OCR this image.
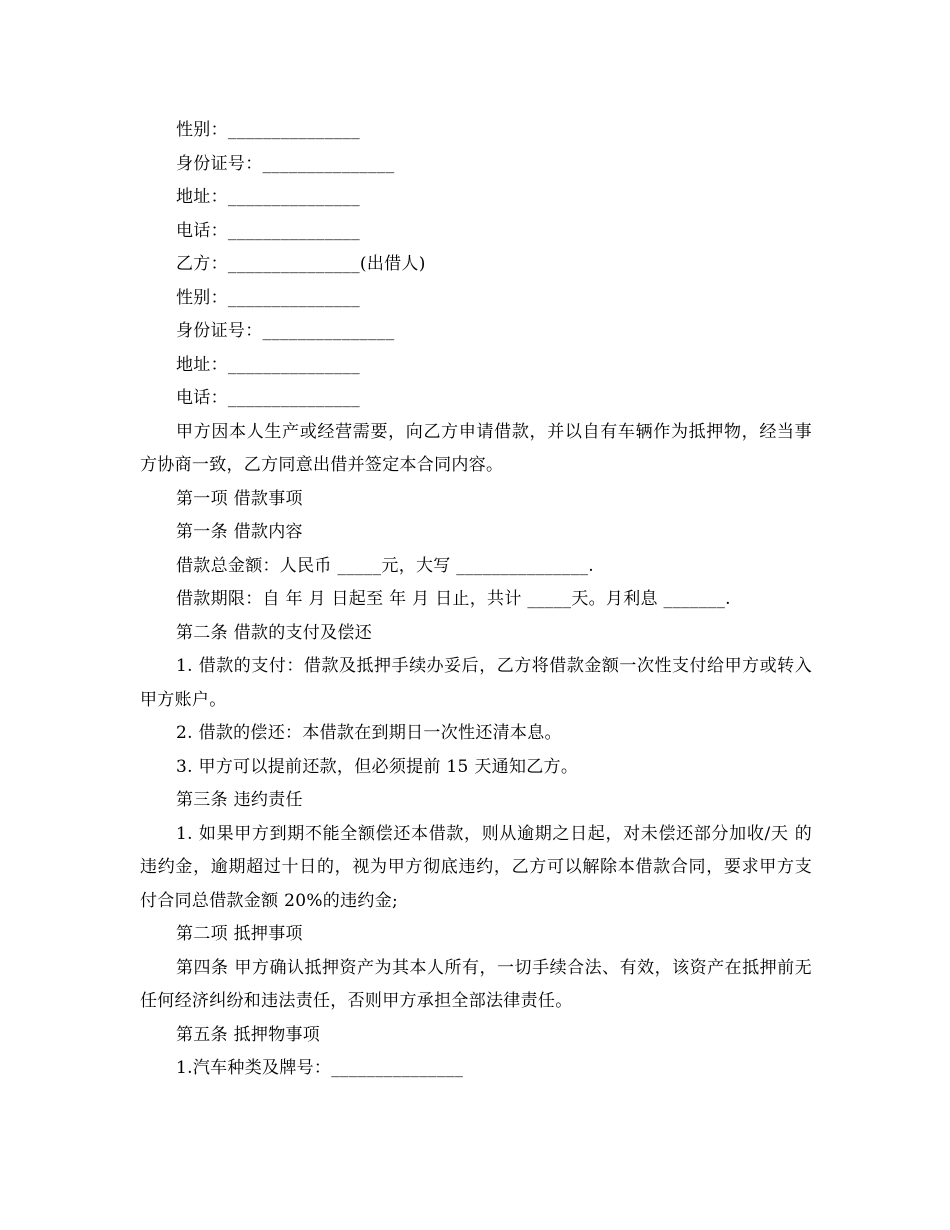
性别：_______________
身份证号：_______________
地址：_______________
电话：_______________
乙方：_______________(出借人)
性别：_______________
身份证号：_______________
地址：_______________
电话：_______________
甲方因本人生产或经营需要，向乙方申请借款，并以自有车辆作为抵押物，经当事方协商一致，乙方同意出借并签定本合同内容。
第一项 借款事项
第一条 借款内容
借款总金额：人民币 _____元，大写 _______________.
借款期限：自 年 月 日起至 年 月 日止，共计 _____天。月利息 _______.
第二条 借款的支付及偿还
1. 借款的支付：借款及抵押手续办妥后，乙方将借款金额一次性支付给甲方或转入甲方账户。
2. 借款的偿还：本借款在到期日一次性还清本息。
3. 甲方可以提前还款，但必须提前 15 天通知乙方。
第三条 违约责任
1. 如果甲方到期不能全额偿还本借款，则从逾期之日起，对未偿还部分加收/天 的违约金，逾期超过十日的，视为甲方彻底违约，乙方可以解除本借款合同，要求甲方支付合同总借款金额 20%的违约金;
第二项 抵押事项
第四条 甲方确认抵押资产为其本人所有，一切手续合法、有效，该资产在抵押前无任何经济纠纷和违法责任，否则甲方承担全部法律责任。
第五条 抵押物事项
1.汽车种类及牌号：_______________
